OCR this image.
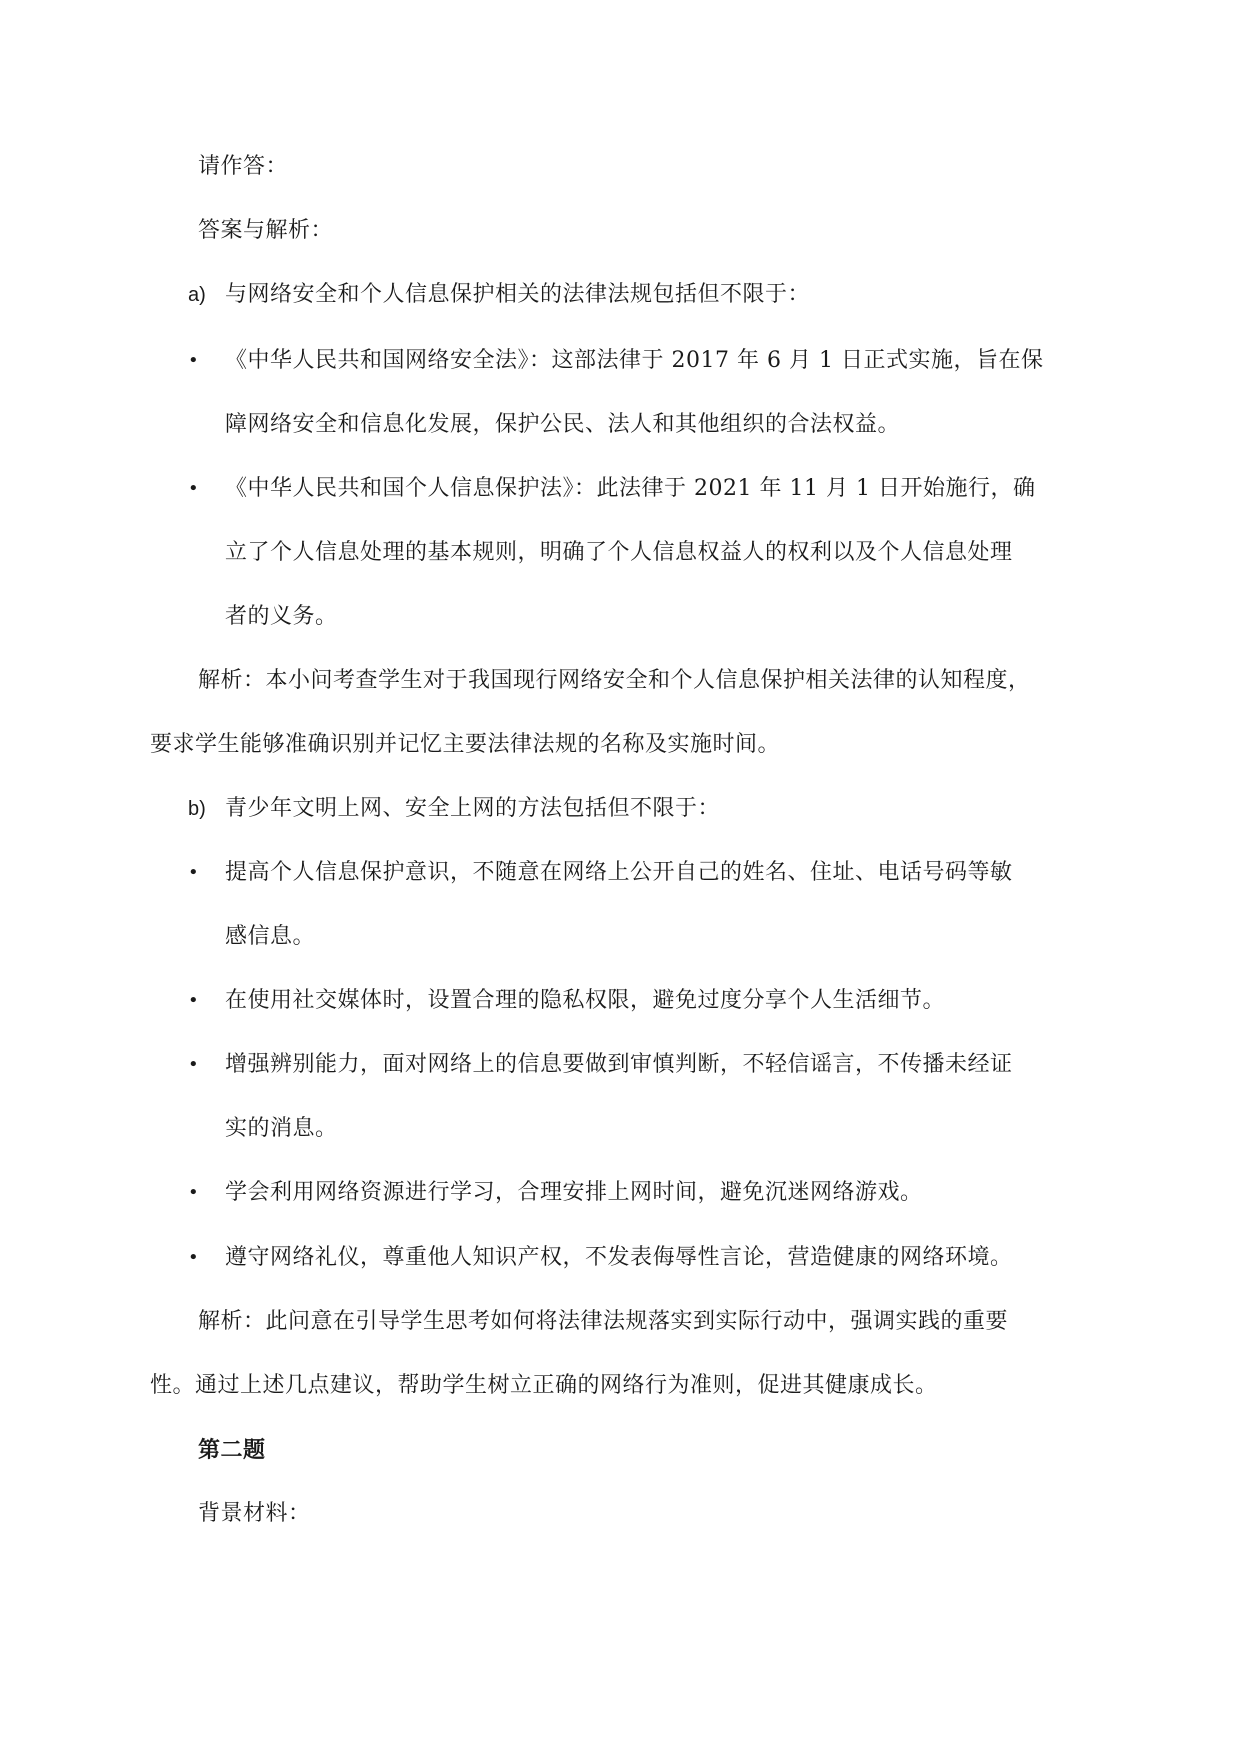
请作答：
答案与解析：
a) 与网络安全和个人信息保护相关的法律法规包括但不限于：
• 《中华人民共和国网络安全法》：这部法律于 2017 年 6 月 1 日正式实施，旨在保
障网络安全和信息化发展，保护公民、法人和其他组织的合法权益。
• 《中华人民共和国个人信息保护法》：此法律于 2021 年 11 月 1 日开始施行，确
立了个人信息处理的基本规则，明确了个人信息权益人的权利以及个人信息处理
者的义务。
解析：本小问考查学生对于我国现行网络安全和个人信息保护相关法律的认知程度，
要求学生能够准确识别并记忆主要法律法规的名称及实施时间。
b) 青少年文明上网、安全上网的方法包括但不限于：
• 提高个人信息保护意识，不随意在网络上公开自己的姓名、住址、电话号码等敏
感信息。
• 在使用社交媒体时，设置合理的隐私权限，避免过度分享个人生活细节。
• 增强辨别能力，面对网络上的信息要做到审慎判断，不轻信谣言，不传播未经证
实的消息。
• 学会利用网络资源进行学习，合理安排上网时间，避免沉迷网络游戏。
• 遵守网络礼仪，尊重他人知识产权，不发表侮辱性言论，营造健康的网络环境。
解析：此问意在引导学生思考如何将法律法规落实到实际行动中，强调实践的重要
性。通过上述几点建议，帮助学生树立正确的网络行为准则，促进其健康成长。
第二题
背景材料：
